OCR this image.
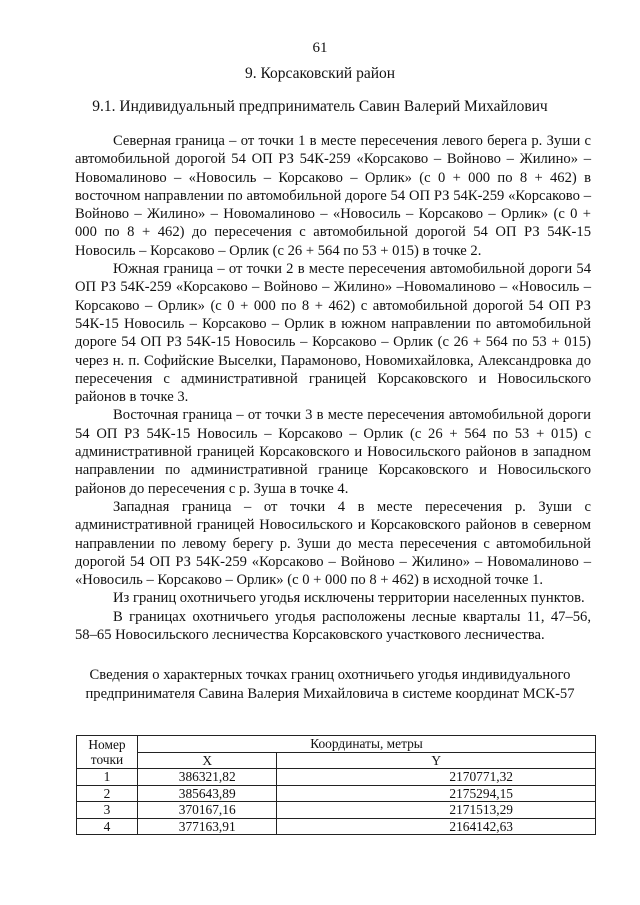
61
9. Корсаковский район
9.1. Индивидуальный предприниматель Савин Валерий Михайлович

Северная граница – от точки 1 в месте пересечения левого берега р. Зуши с автомобильной дорогой 54 ОП РЗ 54К-259 «Корсаково – Войново – Жилино» – Новомалиново – «Новосиль – Корсаково – Орлик» (с 0 + 000 по 8 + 462) в восточном направлении по автомобильной дороге 54 ОП РЗ 54К-259 «Корсаково – Войново – Жилино» – Новомалиново – «Новосиль – Корсаково – Орлик» (с 0 + 000 по 8 + 462) до пересечения с автомобильной дорогой 54 ОП РЗ 54К-15 Новосиль – Корсаково – Орлик (с 26 + 564 по 53 + 015) в точке 2.

Южная граница – от точки 2 в месте пересечения автомобильной дороги 54 ОП РЗ 54К-259 «Корсаково – Войново – Жилино» –Новомалиново – «Новосиль – Корсаково – Орлик» (с 0 + 000 по 8 + 462) с автомобильной дорогой 54 ОП РЗ 54К-15 Новосиль – Корсаково – Орлик в южном направлении по автомобильной дороге 54 ОП РЗ 54К-15 Новосиль – Корсаково – Орлик (с 26 + 564 по 53 + 015) через н. п. Софийские Выселки, Парамоново, Новомихайловка, Александровка до пересечения с административной границей Корсаковского и Новосильского районов в точке 3.

Восточная граница – от точки 3 в месте пересечения автомобильной дороги 54 ОП РЗ 54К-15 Новосиль – Корсаково – Орлик (с 26 + 564 по 53 + 015) с административной границей Корсаковского и Новосильского районов в западном направлении по административной границе Корсаковского и Новосильского районов до пересечения с р. Зуша в точке 4.

Западная граница – от точки 4 в месте пересечения р. Зуши с административной границей Новосильского и Корсаковского районов в северном направлении по левому берегу р. Зуши до места пересечения с автомобильной дорогой 54 ОП РЗ 54К-259 «Корсаково – Войново – Жилино» – Новомалиново – «Новосиль – Корсаково – Орлик» (с 0 + 000 по 8 + 462) в исходной точке 1.

Из границ охотничьего угодья исключены территории населенных пунктов.

В границах охотничьего угодья расположены лесные кварталы 11, 47–56, 58–65 Новосильского лесничества Корсаковского участкового лесничества.

Сведения о характерных точках границ охотничьего угодья индивидуального предпринимателя Савина Валерия Михайловича в системе координат МСК-57
Номер
точки	Координаты, метры	
	X	Y
1	386321,82	2170771,32
2	385643,89	2175294,15
3	370167,16	2171513,29
4	377163,91	2164142,63
